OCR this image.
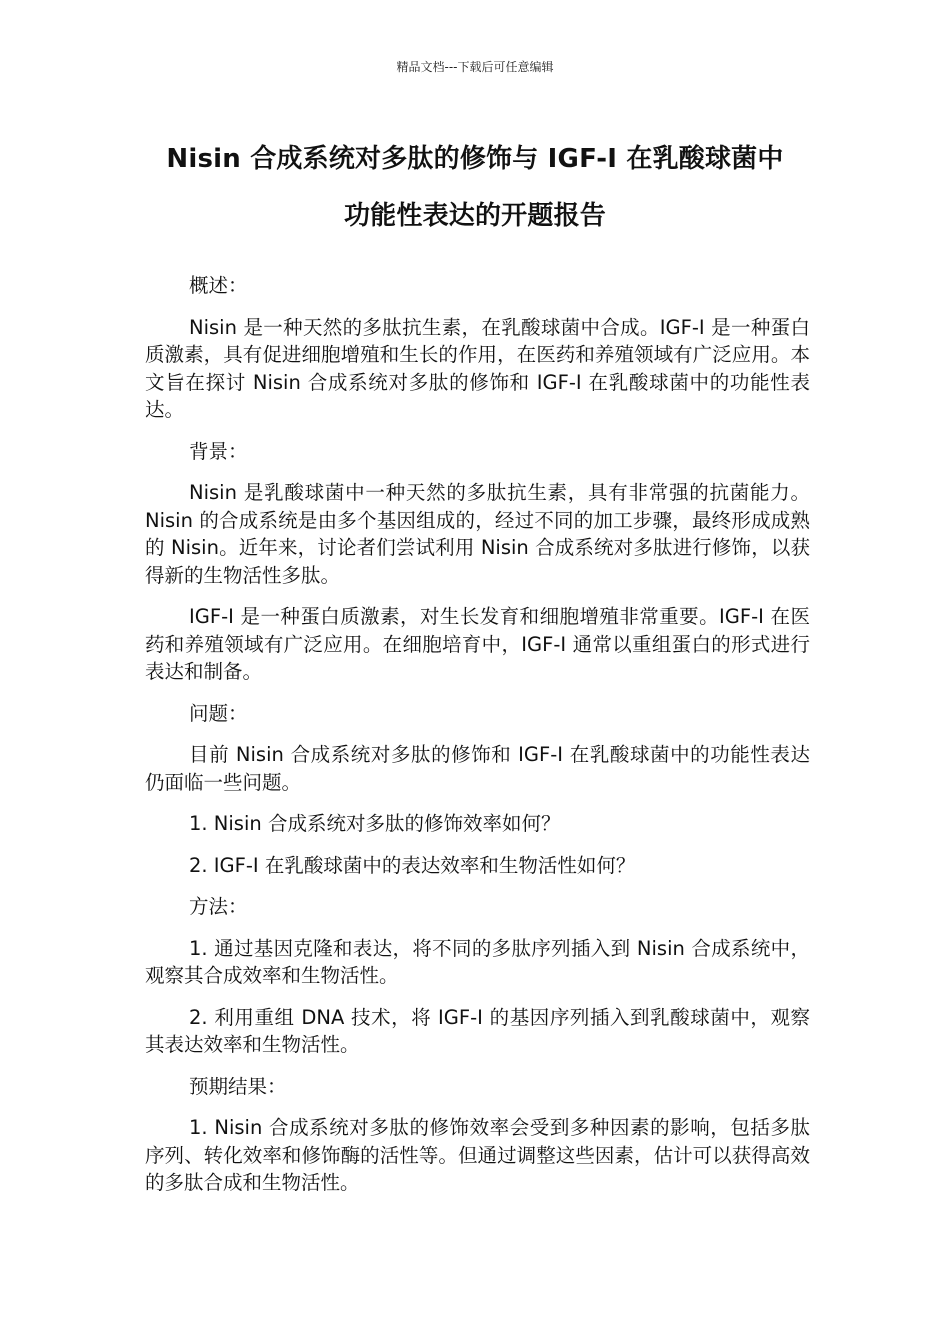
精品文档---下载后可任意编辑
Nisin 合成系统对多肽的修饰与 IGF-I 在乳酸球菌中
功能性表达的开题报告

概述：

Nisin 是一种天然的多肽抗生素，在乳酸球菌中合成。IGF-I 是一种蛋白质激素，具有促进细胞增殖和生长的作用，在医药和养殖领域有广泛应用。本文旨在探讨 Nisin 合成系统对多肽的修饰和 IGF-I 在乳酸球菌中的功能性表达。

背景：

Nisin 是乳酸球菌中一种天然的多肽抗生素，具有非常强的抗菌能力。Nisin 的合成系统是由多个基因组成的，经过不同的加工步骤，最终形成成熟的 Nisin。近年来，讨论者们尝试利用 Nisin 合成系统对多肽进行修饰，以获得新的生物活性多肽。

IGF-I 是一种蛋白质激素，对生长发育和细胞增殖非常重要。IGF-I 在医药和养殖领域有广泛应用。在细胞培育中，IGF-I 通常以重组蛋白的形式进行表达和制备。

问题：

目前 Nisin 合成系统对多肽的修饰和 IGF-I 在乳酸球菌中的功能性表达仍面临一些问题。

1. Nisin 合成系统对多肽的修饰效率如何？

2. IGF-I 在乳酸球菌中的表达效率和生物活性如何？

方法：

1. 通过基因克隆和表达，将不同的多肽序列插入到 Nisin 合成系统中，观察其合成效率和生物活性。

2. 利用重组 DNA 技术，将 IGF-I 的基因序列插入到乳酸球菌中，观察其表达效率和生物活性。

预期结果：

1. Nisin 合成系统对多肽的修饰效率会受到多种因素的影响，包括多肽序列、转化效率和修饰酶的活性等。但通过调整这些因素，估计可以获得高效的多肽合成和生物活性。
